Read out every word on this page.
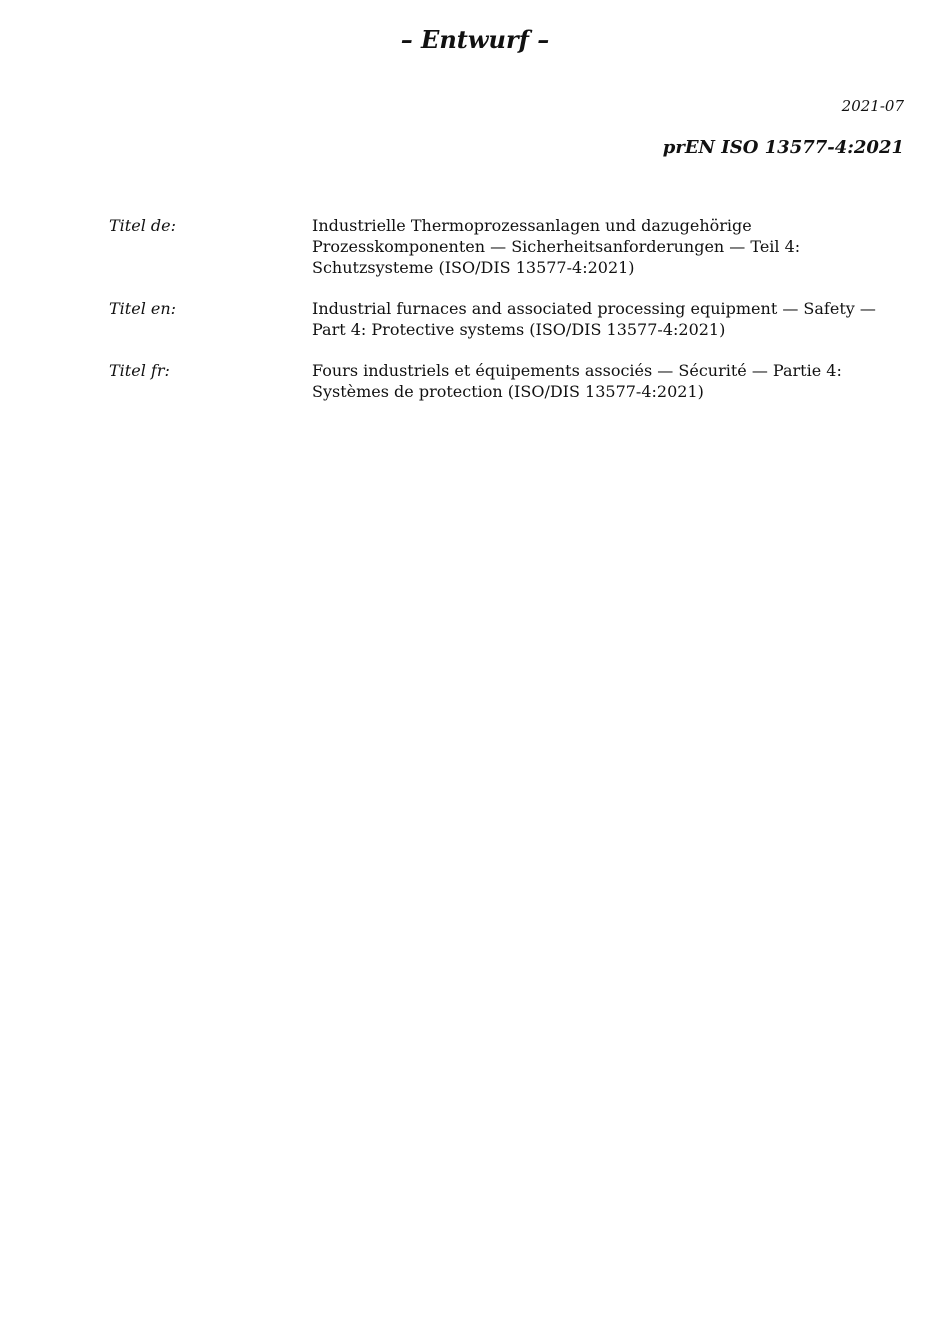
– Entwurf –
2021-07
prEN ISO 13577-4:2021
Titel de:	Industrielle Thermoprozessanlagen und dazugehörige Prozesskomponenten — Sicherheitsanforderungen — Teil 4: Schutzsysteme (ISO/DIS 13577-4:2021)
Titel en:	Industrial furnaces and associated processing equipment — Safety — Part 4: Protective systems (ISO/DIS 13577-4:2021)
Titel fr:	Fours industriels et équipements associés — Sécurité — Partie 4: Systèmes de protection (ISO/DIS 13577-4:2021)
